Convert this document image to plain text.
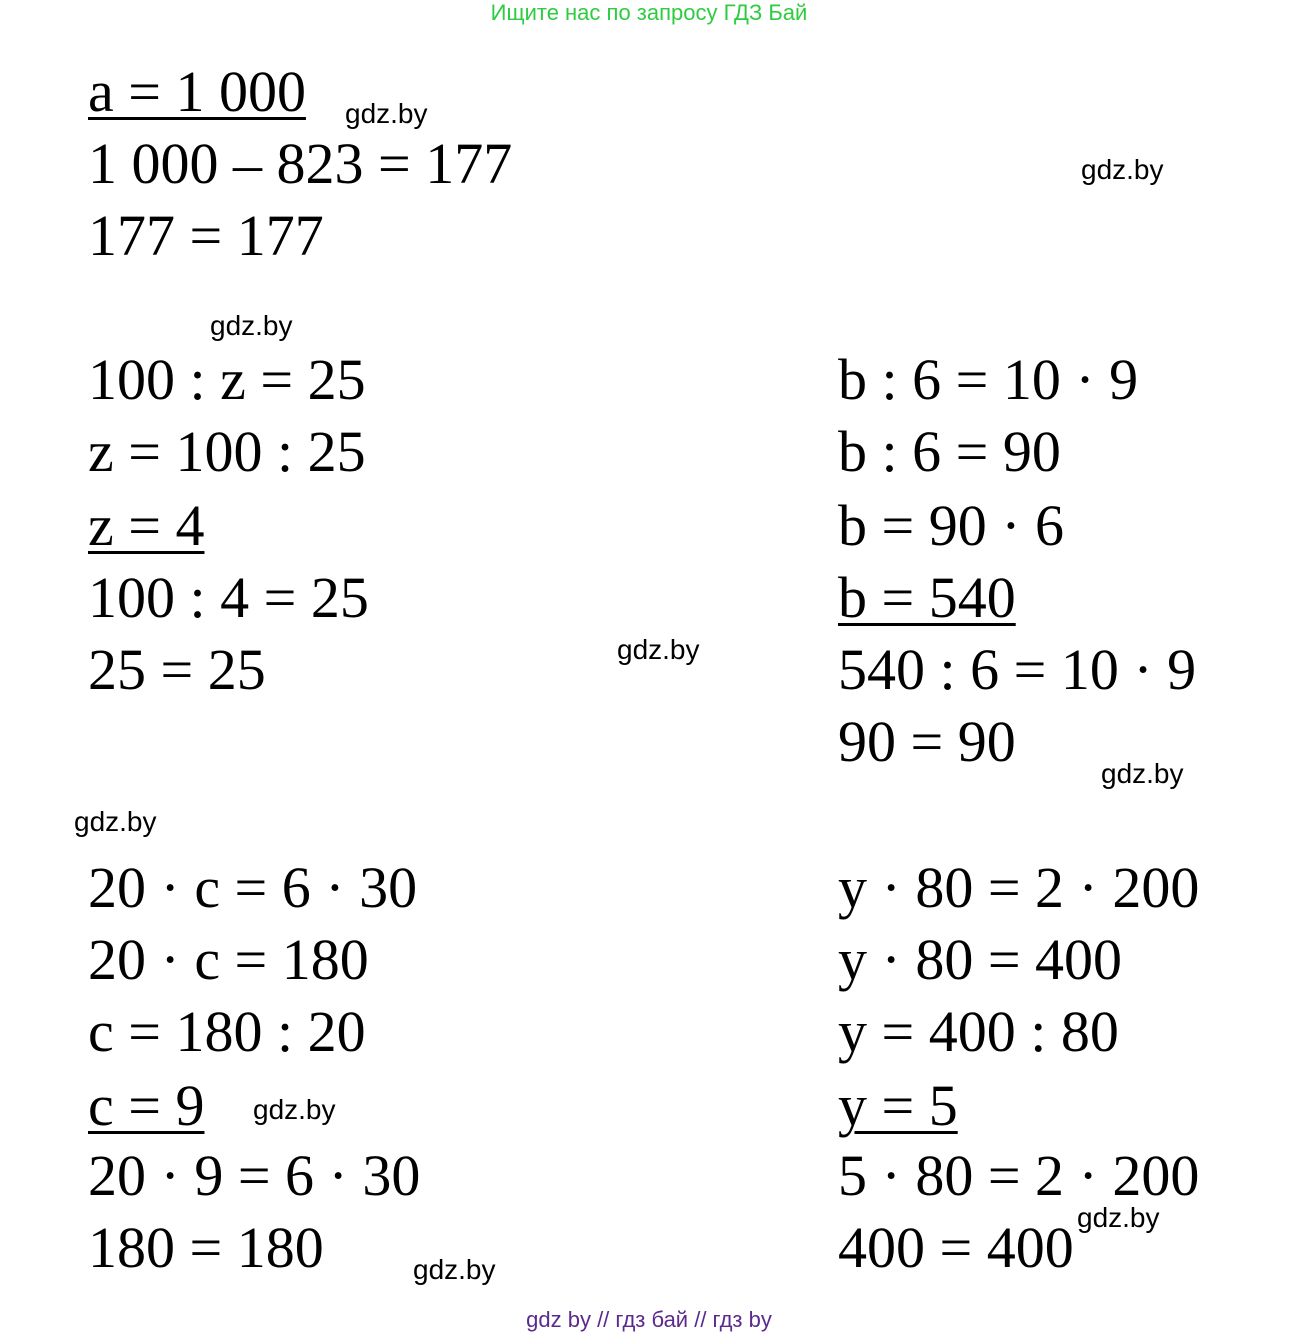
Ищите нас по запросу ГДЗ Бай
a = 1 000
1 000 – 823 = 177
177 = 177
100 : z = 25
z = 100 : 25
z = 4
100 : 4 = 25
25 = 25
b : 6 = 10 · 9
b : 6 = 90
b = 90 · 6
b = 540
540 : 6 = 10 · 9
90 = 90
20 · c = 6 · 30
20 · c = 180
c = 180 : 20
c = 9
20 · 9 = 6 · 30
180 = 180
y · 80 = 2 · 200
y · 80 = 400
y = 400 : 80
y = 5
5 · 80 = 2 · 200
400 = 400
gdz.by
gdz.by
gdz.by
gdz.by
gdz.by
gdz.by
gdz.by
gdz.by
gdz.by
gdz by // гдз бай // гдз by
